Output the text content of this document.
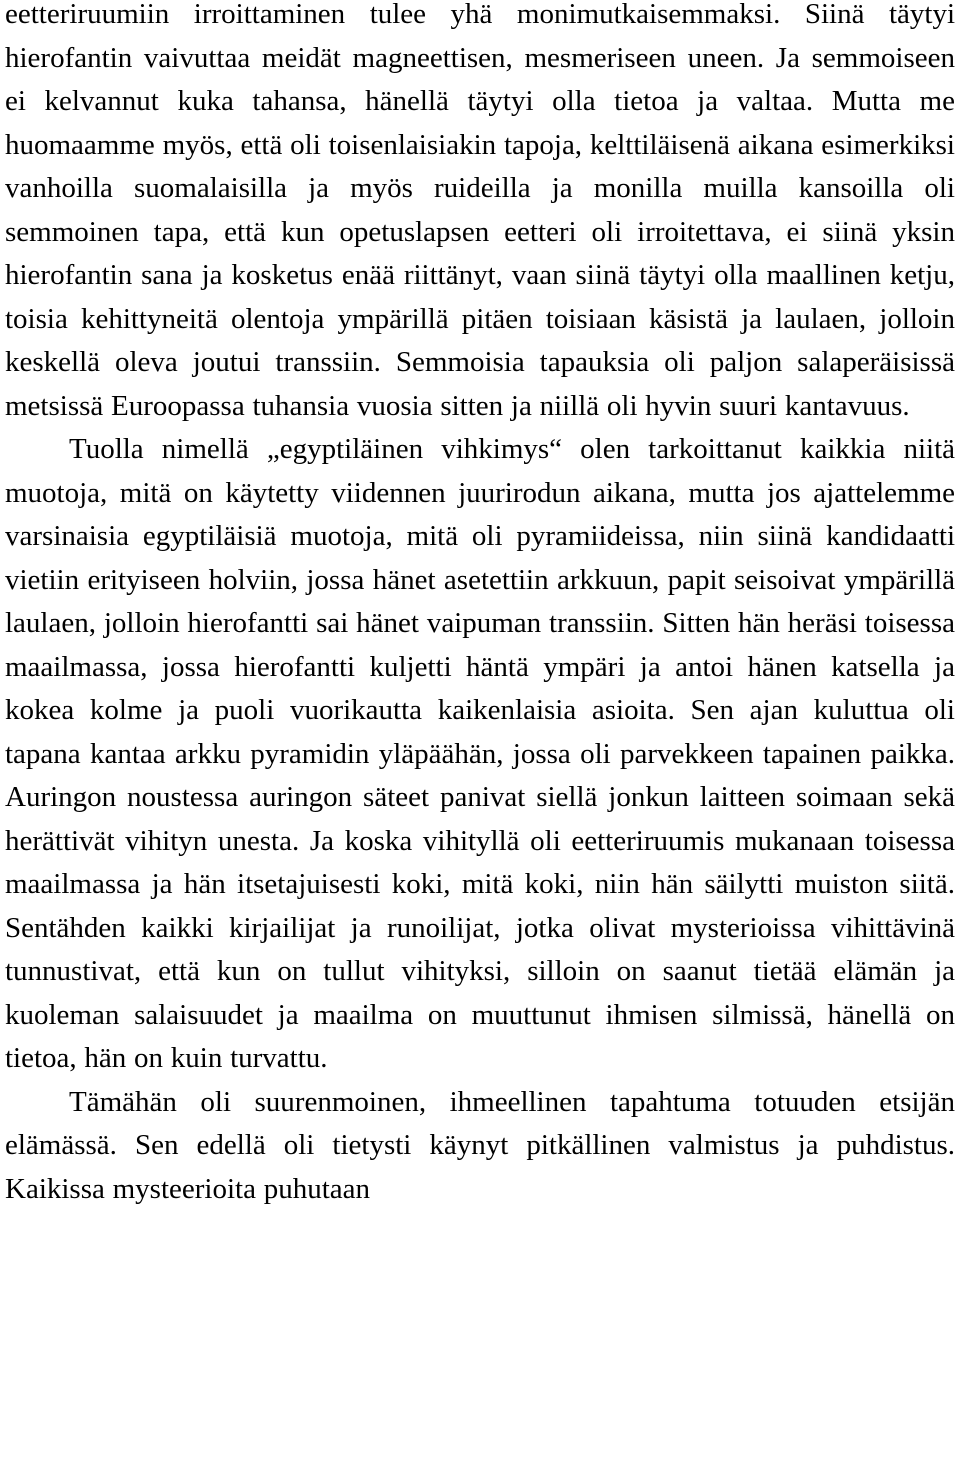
eetteriruumiin irroittaminen tulee yhä monimutkaisemmaksi. Siinä täytyi hierofantin vaivuttaa meidät magneettisen, mesmeriseen uneen. Ja semmoiseen ei kelvannut kuka tahansa, hänellä täytyi olla tietoa ja valtaa. Mutta me huomaamme myös, että oli toisenlaisiakin tapoja, kelttiläisenä aikana esimerkiksi vanhoilla suomalaisilla ja myös ruideilla ja monilla muilla kansoilla oli semmoinen tapa, että kun opetuslapsen eetteri oli irroitettava, ei siinä yksin hierofantin sana ja kosketus enää riittänyt, vaan siinä täytyi olla maallinen ketju, toisia kehittyneitä olentoja ympärillä pitäen toisiaan käsistä ja laulaen, jolloin keskellä oleva joutui transsiin. Semmoisia tapauksia oli paljon salaperäisissä metsissä Euroopassa tuhansia vuosia sitten ja niillä oli hyvin suuri kantavuus.

Tuolla nimellä „egyptiläinen vihkimys“ olen tarkoittanut kaikkia niitä muotoja, mitä on käytetty viidennen juurirodun aikana, mutta jos ajattelemme varsinaisia egyptiläisiä muotoja, mitä oli pyramiideissa, niin siinä kandidaatti vietiin erityiseen holviin, jossa hänet asetettiin arkkuun, papit seisoivat ympärillä laulaen, jolloin hierofantti sai hänet vaipuman transsiin. Sitten hän heräsi toisessa maailmassa, jossa hierofantti kuljetti häntä ympäri ja antoi hänen katsella ja kokea kolme ja puoli vuorikautta kaikenlaisia asioita. Sen ajan kuluttua oli tapana kantaa arkku pyramidin yläpäähän, jossa oli parvekkeen tapainen paikka. Auringon noustessa auringon säteet panivat siellä jonkun laitteen soimaan sekä herättivät vihityn unesta. Ja koska vihityllä oli eetteriruumis mukanaan toisessa maailmassa ja hän itsetajuisesti koki, mitä koki, niin hän säilytti muiston siitä. Sentähden kaikki kirjailijat ja runoilijat, jotka olivat mysterioissa vihittävinä tunnustivat, että kun on tullut vihityksi, silloin on saanut tietää elämän ja kuoleman salaisuudet ja maailma on muuttunut ihmisen silmissä, hänellä on tietoa, hän on kuin turvattu.

Tämähän oli suurenmoinen, ihmeellinen tapahtuma totuuden etsijän elämässä. Sen edellä oli tietysti käynyt pitkällinen valmistus ja puhdistus. Kaikissa mysteerioita puhutaan
